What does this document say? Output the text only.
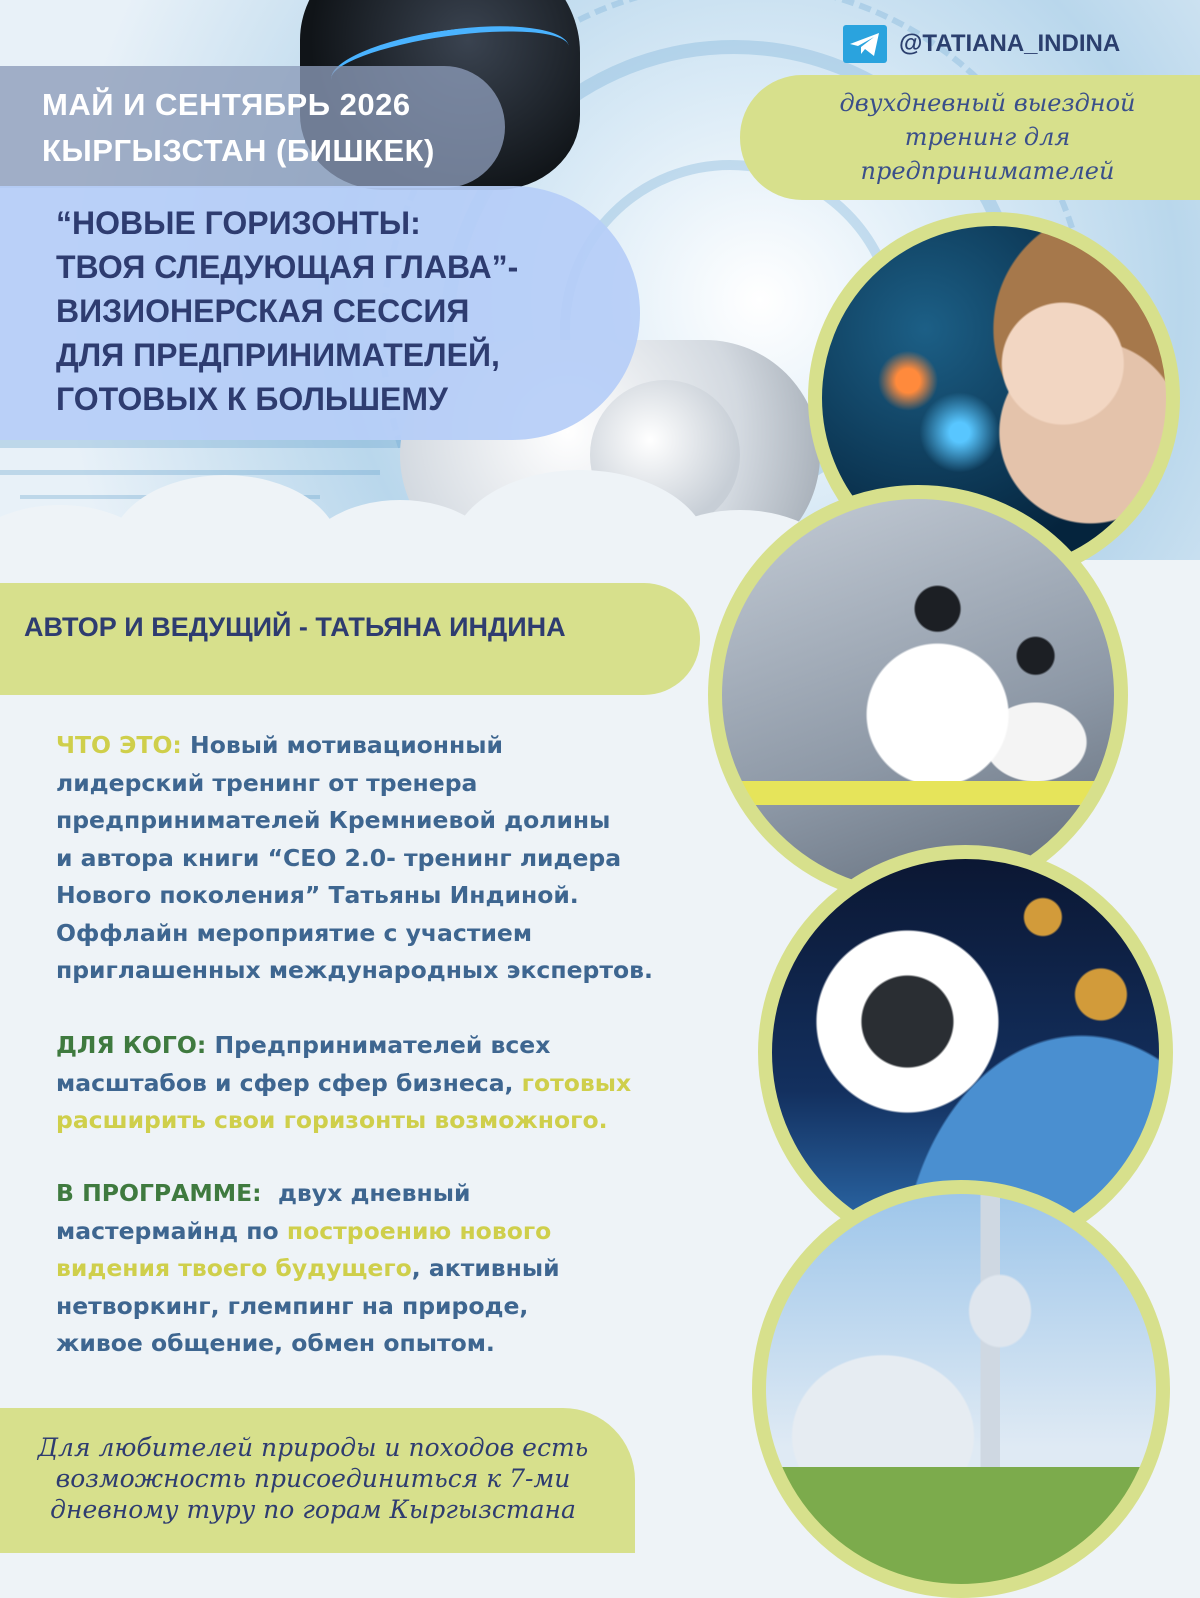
МАЙ И СЕНТЯБРЬ 2026
КЫРГЫЗСТАН (БИШКЕК)
“НОВЫЕ ГОРИЗОНТЫ:
ТВОЯ СЛЕДУЮЩАЯ ГЛАВА”-
ВИЗИОНЕРСКАЯ СЕССИЯ
ДЛЯ ПРЕДПРИНИМАТЕЛЕЙ,
ГОТОВЫХ К БОЛЬШЕМУ
@TATIANA_INDINA
двухдневный выездной
тренинг для
предпринимателей
АВТОР И ВЕДУЩИЙ - ТАТЬЯНА ИНДИНА
Для любителей природы и походов есть
возможность присоединиться к 7-ми
дневному туру по горам Кыргызстана
ЧТО ЭТО: Новый мотивационный
лидерский тренинг от тренера
предпринимателей Кремниевой долины
и автора книги “CEO 2.0- тренинг лидера
Нового поколения” Татьяны Индиной.
Оффлайн мероприятие с участием
приглашенных международных экспертов.
ДЛЯ КОГО: Предпринимателей всех
масштабов и сфер сфер бизнеса, готовых
расширить свои горизонты возможного.
В ПРОГРАММЕ:  двух дневный
мастермайнд по построению нового
видения твоего будущего, активный
нетворкинг, глемпинг на природе,
живое общение, обмен опытом.
